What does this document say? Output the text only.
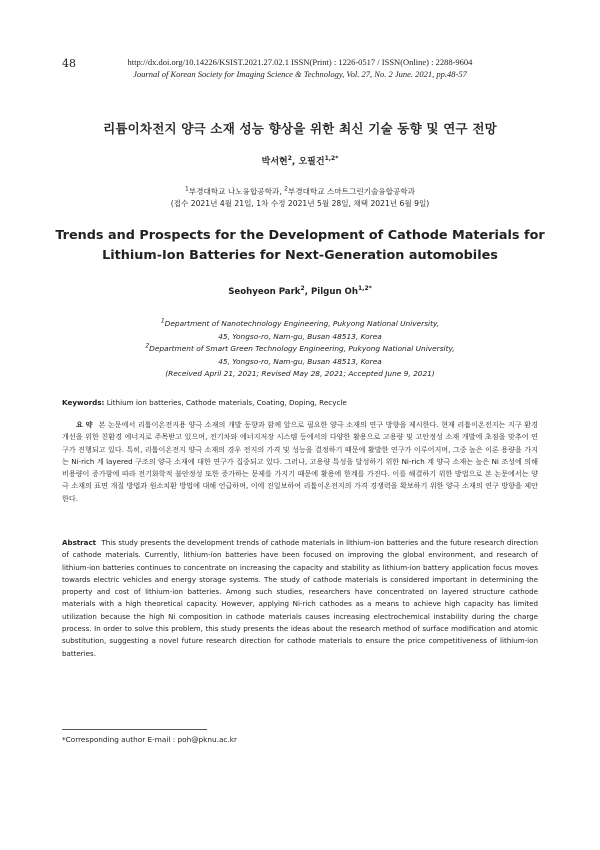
48	http://dx.doi.org/10.14226/KSIST.2021.27.02.1 ISSN(Print) : 1226-0517 / ISSN(Online) : 2288-9604
Journal of Korean Society for Imaging Science & Technology, Vol. 27, No. 2 June. 2021, pp.48-57
리튬이차전지 양극 소재 성능 향상을 위한 최신 기술 동향 및 연구 전망
박서현$^2$, 오필건$^{1,2*}$
$^1$부경대학교 나노융합공학과, $^2$부경대학교 스마트그린기술융합공학과
(접수 2021년 4월 21일, 1차 수정 2021년 5월 28일, 채택 2021년 6월 9일)
Trends and Prospects for the Development of Cathode Materials for
Lithium-Ion Batteries for Next-Generation automobiles
Seohyeon Park$^2$, Pilgun $Oh^{1,2*}$
$^1$Department of Nanotechnology Engineering, Pukyong National University,
45, Yongso-ro, Nam-gu, Busan 48513, Korea
$^2$Department of Smart Green Technology Engineering, Pukyong National University,
45, Yongso-ro, Nam-gu, Busan 48513, Korea
(Received April 21, 2021; Revised May 28, 2021; Accepted June 9, 2021)
Keywords: Lithium ion batteries, Cathode materials, Coating, Doping, Recycle
요 약 본 논문에서 리튬이온전지용 양극 소재의 개발 동향과 함께 앞으로 필요한 양극 소재의 연구 방향을 제시한다. 현재 리튬이온전지는 지구 환경 개선을 위한 친환경 에너지로 주목받고 있으며, 전기차와 에너지저장 시스템 등에서의 다양한 활용으로 고용량 및 고안정성 소재 개발에 초점을 맞추어 연구가 진행되고 있다. 특히, 리튬이온전지 양극 소재의 경우 전지의 가격 및 성능을 결정하기 때문에 활발한 연구가 이루어지며, 그중 높은 이론 용량을 가지는 Ni-rich 계 layered 구조의 양극 소재에 대한 연구가 집중되고 있다. 그러나, 고용량 특성을 달성하기 위한 Ni-rich 계 양극 소재는 높은 Ni 조성에 의해 비용량이 증가함에 따라 전기화학적 불안정성 또한 증가하는 문제를 가지기 때문에 활용에 한계를 가진다. 이를 해결하기 위한 방법으로 본 논문에서는 양극 소재의 표면 개질 방법과 원소치환 방법에 대해 언급하며, 이에 진일보하여 리튬이온전지의 가격 경쟁력을 확보하기 위한 양극 소재의 연구 방향을 제안한다.
Abstract This study presents the development trends of cathode materials in lithium-ion batteries and the future research direction of cathode materials. Currently, lithium-ion batteries have been focused on improving the global environment, and research of lithium-ion batteries continues to concentrate on increasing the capacity and stability as lithium-ion battery application focus moves towards electric vehicles and energy storage systems. The study of cathode materials is considered important in determining the property and cost of lithium-ion batteries. Among such studies, researchers have concentrated on layered structure cathode materials with a high theoretical capacity. However, applying Ni-rich cathodes as a means to achieve high capacity has limited utilization because the high Ni composition in cathode materials causes increasing electrochemical instability during the charge process. In order to solve this problem, this study presents the ideas about the research method of surface modification and atomic substitution, suggesting a novel future research direction for cathode materials to ensure the price competitiveness of lithium-ion batteries.
*Corresponding author E-mail : poh@pknu.ac.kr
